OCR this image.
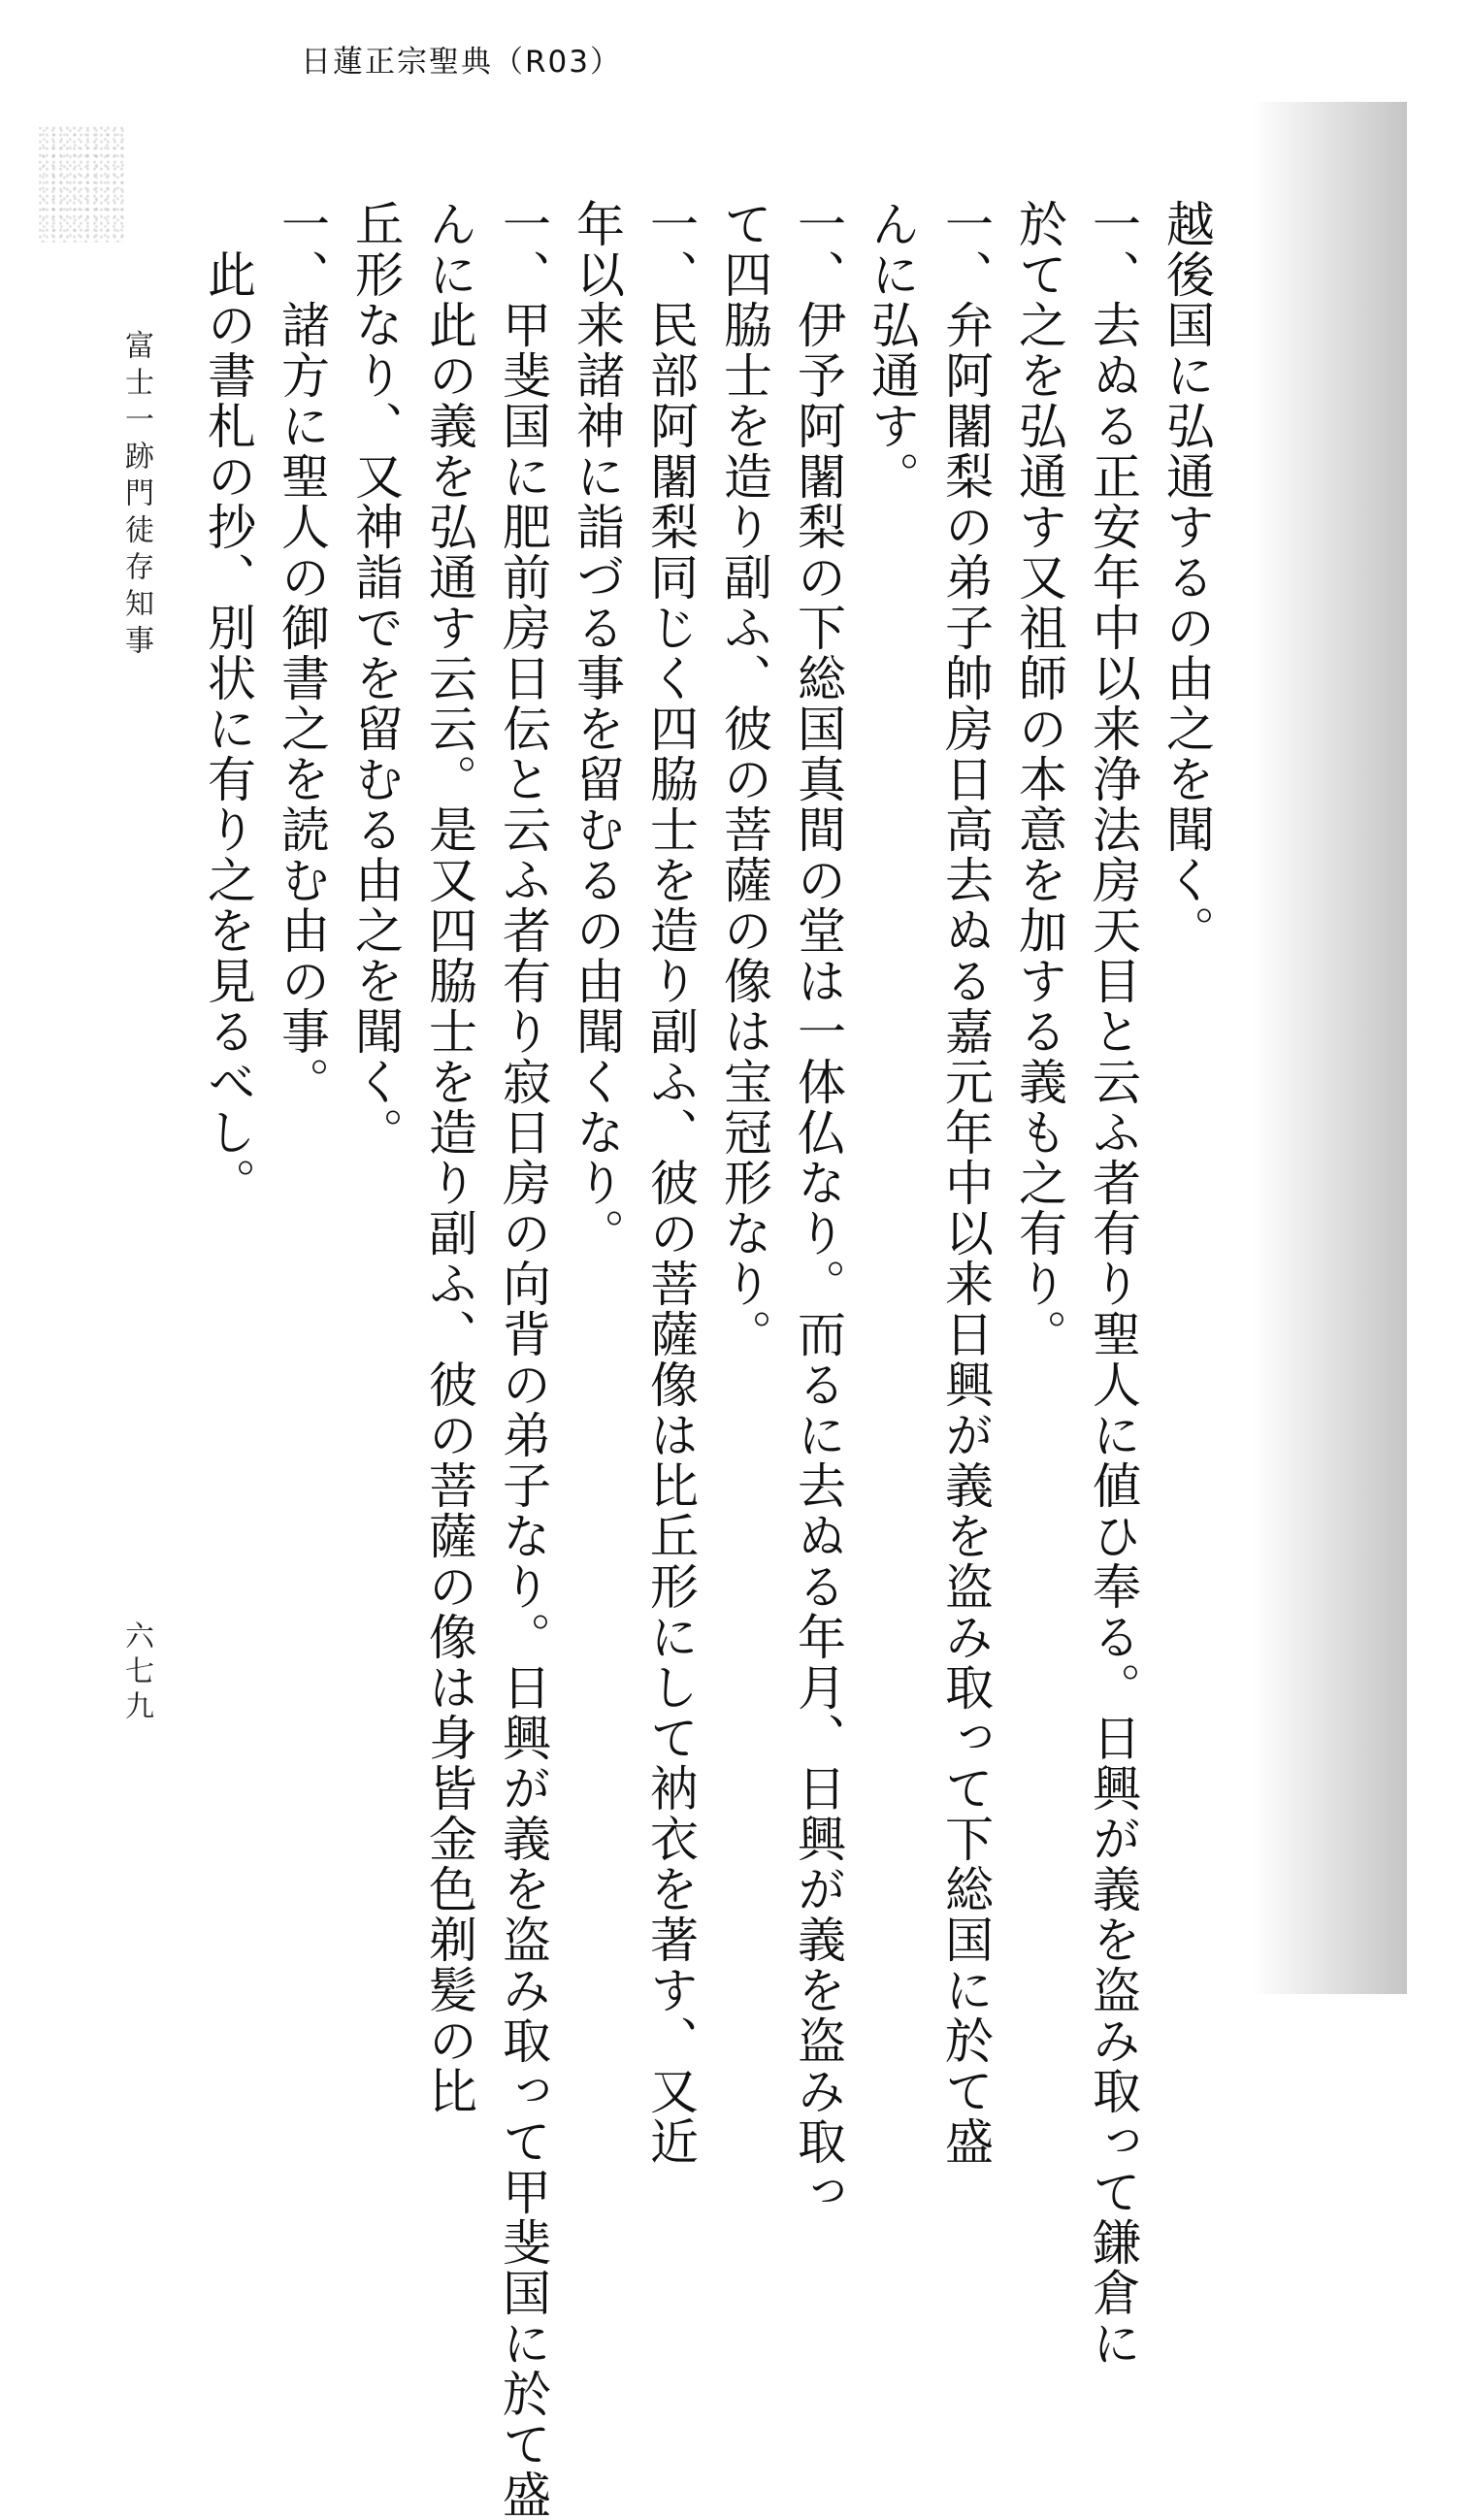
日蓮正宗聖典（R03）
富士一跡門徒存知事
六七九

越後国に弘通するの由之を聞く。

一、去ぬる正安年中以来浄法房天目と云ふ者有り聖人に値ひ奉る。日興が義を盗み取って鎌倉に

於て之を弘通す又祖師の本意を加する義も之有り。

一、弁阿闍梨の弟子帥房日高去ぬる嘉元年中以来日興が義を盗み取って下総国に於て盛

んに弘通す。

一、伊予阿闍梨の下総国真間の堂は一体仏なり。而るに去ぬる年月、日興が義を盗み取っ

て四脇士を造り副ふ、彼の菩薩の像は宝冠形なり。

一、民部阿闍梨同じく四脇士を造り副ふ、彼の菩薩像は比丘形にして衲衣を著す、又近

年以来諸神に詣づる事を留むるの由聞くなり。

一、甲斐国に肥前房日伝と云ふ者有り寂日房の向背の弟子なり。日興が義を盗み取って甲斐国に於て盛

んに此の義を弘通す云云。是又四脇士を造り副ふ、彼の菩薩の像は身皆金色剃髪の比

丘形なり、又神詣でを留むる由之を聞く。

一、諸方に聖人の御書之を読む由の事。

　此の書札の抄、別状に有り之を見るべし。
